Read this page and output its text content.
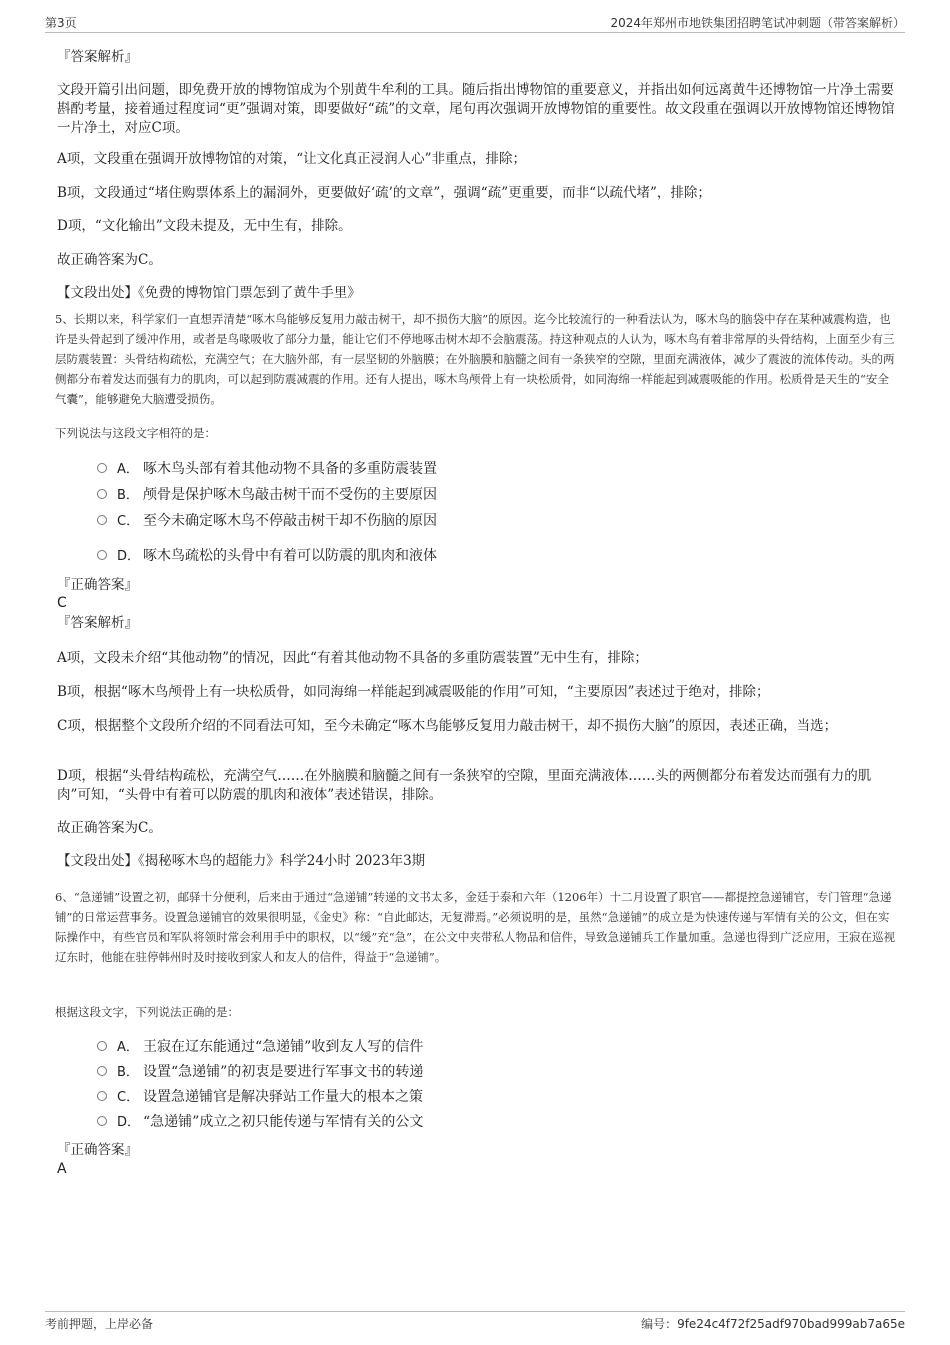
第3页	2024年郑州市地铁集团招聘笔试冲刺题（带答案解析）
『答案解析』
文段开篇引出问题，即免费开放的博物馆成为个别黄牛牟利的工具。随后指出博物馆的重要意义，并指出如何远离黄牛还博物馆一片净土需要斟酌考量，接着通过程度词“更”强调对策，即要做好“疏”的文章，尾句再次强调开放博物馆的重要性。故文段重在强调以开放博物馆还博物馆一片净土，对应C项。
A项，文段重在强调开放博物馆的对策，“让文化真正浸润人心”非重点，排除；
B项，文段通过“堵住购票体系上的漏洞外，更要做好‘疏’的文章”，强调“疏”更重要，而非“以疏代堵”，排除；
D项，“文化输出”文段未提及，无中生有，排除。
故正确答案为C。
【文段出处】《免费的博物馆门票怎到了黄牛手里》
5、长期以来，科学家们一直想弄清楚“啄木鸟能够反复用力敲击树干，却不损伤大脑”的原因。迄今比较流行的一种看法认为，啄木鸟的脑袋中存在某种减震构造，也许是头骨起到了缓冲作用，或者是鸟喙吸收了部分力量，能让它们不停地啄击树木却不会脑震荡。持这种观点的人认为，啄木鸟有着非常厚的头骨结构，上面至少有三层防震装置：头骨结构疏松，充满空气；在大脑外部，有一层坚韧的外脑膜；在外脑膜和脑髓之间有一条狭窄的空隙，里面充满液体，减少了震波的流体传动。头的两侧都分布着发达而强有力的肌肉，可以起到防震减震的作用。还有人提出，啄木鸟颅骨上有一块松质骨，如同海绵一样能起到减震吸能的作用。松质骨是天生的“安全气囊”，能够避免大脑遭受损伤。
下列说法与这段文字相符的是：
A． 啄木鸟头部有着其他动物不具备的多重防震装置
B． 颅骨是保护啄木鸟敲击树干而不受伤的主要原因
C． 至今未确定啄木鸟不停敲击树干却不伤脑的原因
D． 啄木鸟疏松的头骨中有着可以防震的肌肉和液体
『正确答案』
C
『答案解析』
A项，文段未介绍“其他动物”的情况，因此“有着其他动物不具备的多重防震装置”无中生有，排除；
B项，根据“啄木鸟颅骨上有一块松质骨，如同海绵一样能起到减震吸能的作用”可知，“主要原因”表述过于绝对，排除；
C项，根据整个文段所介绍的不同看法可知，至今未确定“啄木鸟能够反复用力敲击树干，却不损伤大脑”的原因，表述正确，当选；
D项，根据“头骨结构疏松，充满空气……在外脑膜和脑髓之间有一条狭窄的空隙，里面充满液体……头的两侧都分布着发达而强有力的肌肉”可知，“头骨中有着可以防震的肌肉和液体”表述错误，排除。
故正确答案为C。
【文段出处】《揭秘啄木鸟的超能力》科学24小时 2023年3期
6、“急递铺”设置之初，邮驿十分便利，后来由于通过“急递铺”转递的文书太多，金廷于泰和六年（1206年）十二月设置了职官——都提控急递铺官，专门管理“急递铺”的日常运营事务。设置急递铺官的效果很明显，《金史》称：“自此邮达，无复滞焉。”必须说明的是，虽然“急递铺”的成立是为快速传递与军情有关的公文，但在实际操作中，有些官员和军队将领时常会利用手中的职权，以“缓”充“急”，在公文中夹带私人物品和信件，导致急递铺兵工作量加重。急递也得到广泛应用，王寂在巡视辽东时，他能在驻停韩州时及时接收到家人和友人的信件，得益于“急递铺”。
根据这段文字，下列说法正确的是：
A． 王寂在辽东能通过“急递铺”收到友人写的信件
B． 设置“急递铺”的初衷是要进行军事文书的转递
C． 设置急递铺官是解决驿站工作量大的根本之策
D． “急递铺”成立之初只能传递与军情有关的公文
『正确答案』
A
考前押题，上岸必备	编号：9fe24c4f72f25adf970bad999ab7a65e
